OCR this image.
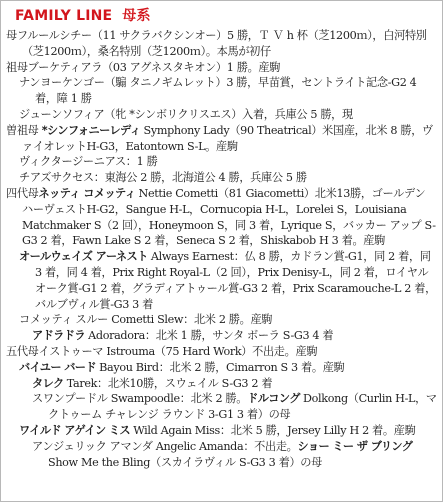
FAMILY LINE 母系
母フルールシチー（11 サクラバクシンオー）5 勝，Ｔ Ｖ h 杯（芝1200ｍ），白河特別（芝1200ｍ），桑名特別（芝1200ｍ）。本馬が初仔
祖母ブーケティアラ（03 アグネスタキオン）1 勝。産駒
ナンヨーケンゴー（騸 タニノギムレット）3 勝，早苗賞，セントライト記念-G2 4 着，障 1 勝
ジューンソフィア（牝 *シンボリクリスエス）入着，兵庫公 5 勝，現
曽祖母 *シンフォニーレディ Symphony Lady（90 Theatrical）米国産，北米 8 勝，ヴァイオレットH-G3，Eatontown S-L。産駒
ヴィクタージーニアス：1 勝
チアズサクセス：東海公 2 勝，北海道公 4 勝，兵庫公 5 勝
四代母ネッティ コメッティ Nettie Cometti（81 Giacometti）北米13勝，ゴールデン ハーヴェストH-G2，Sangue H-L，Cornucopia H-L，Lorelei S，Louisiana Matchmaker S（2 回），Honeymoon S，同 3 着，Lyrique S，バッカー アップ S-G3 2 着，Fawn Lake S 2 着，Seneca S 2 着，Shiskabob H 3 着。産駒
オールウェイズ アーネスト Always Earnest：仏 8 勝，カドラン賞-G1，同 2 着，同 3 着，同 4 着，Prix Right Royal-L（2 回），Prix Denisy-L，同 2 着，ロイヤル オーク賞-G1 2 着，グラディアトゥール賞-G3 2 着，Prix Scaramouche-L 2 着，バルブヴィル賞-G3 3 着
コメッティ スルー Cometti Slew：北米 2 勝。産駒
アドラドラ Adoradora：北米 1 勝，サンタ ボーラ S-G3 4 着
五代母イストゥーマ Istrouma（75 Hard Work）不出走。産駒
バイユー バード Bayou Bird：北米 2 勝，Cimarron S 3 着。産駒
タレク Tarek：北米10勝，スウェイル S-G3 2 着
スワンプードル Swampoodle：北米 2 勝。ドルコング Dolkong（Curlin H-L，マクトゥーム チャレンジ ラウンド 3-G1 3 着）の母
ワイルド アゲイン ミス Wild Again Miss：北米 5 勝，Jersey Lilly H 2 着。産駒
アンジェリック アマンダ Angelic Amanda：不出走。ショー ミー ザ ブリング Show Me the Bling（スカイラヴィル S-G3 3 着）の母
